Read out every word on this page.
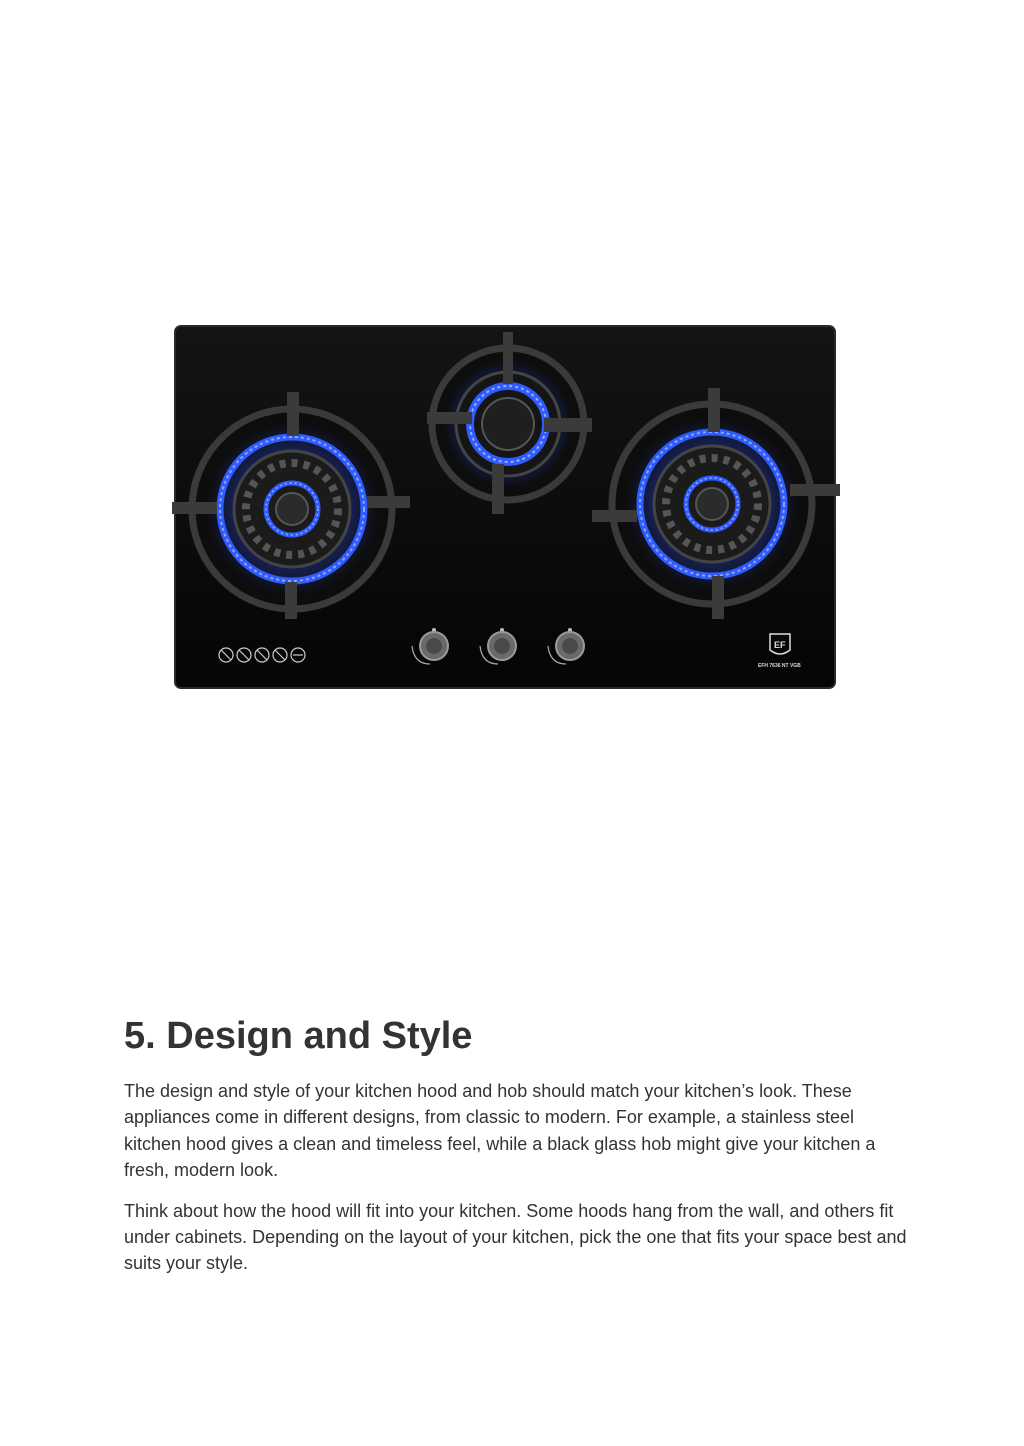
EF
EFH 7636 NT VGB
5. Design and Style

The design and style of your kitchen hood and hob should match your kitchen’s look. These appliances come in different designs, from classic to modern. For example, a stainless steel kitchen hood gives a clean and timeless feel, while a black glass hob might give your kitchen a fresh, modern look.

Think about how the hood will fit into your kitchen. Some hoods hang from the wall, and others fit under cabinets. Depending on the layout of your kitchen, pick the one that fits your space best and suits your style.
